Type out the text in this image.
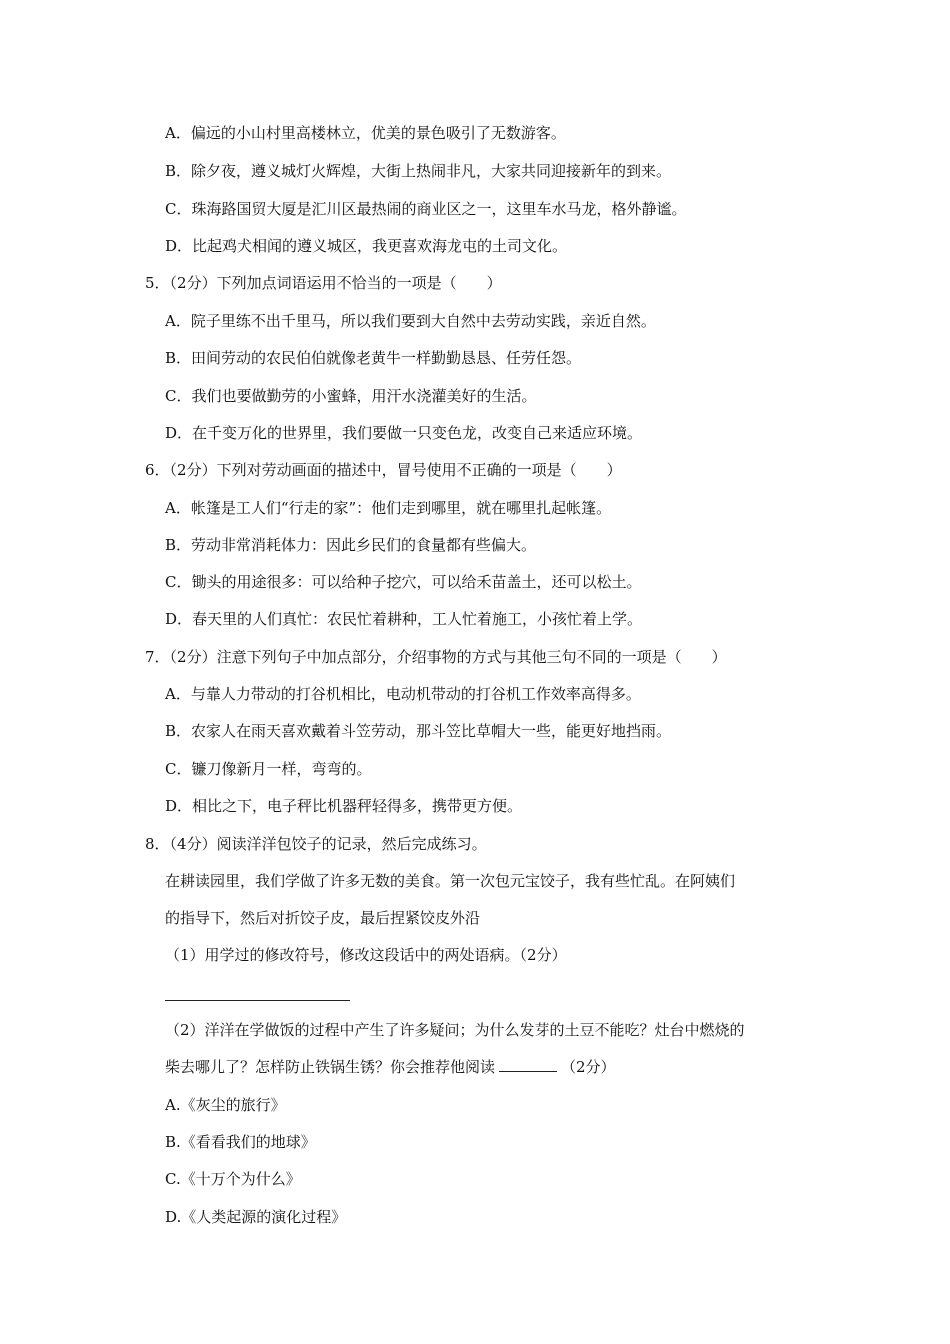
A．偏远的小山村里高楼林立，优美的景色吸引了无数游客。
B．除夕夜，遵义城灯火辉煌，大街上热闹非凡，大家共同迎接新年的到来。
C．珠海路国贸大厦是汇川区最热闹的商业区之一，这里车水马龙，格外静谧。
D．比起鸡犬相闻的遵义城区，我更喜欢海龙屯的土司文化。
5．（2分）下列加点词语运用不恰当的一项是（　　）
A．院子里练不出千里马，所以我们要到大自然中去劳动实践，亲近自然。
B．田间劳动的农民伯伯就像老黄牛一样勤勤恳恳、任劳任怨。
C．我们也要做勤劳的小蜜蜂，用汗水浇灌美好的生活。
D．在千变万化的世界里，我们要做一只变色龙，改变自己来适应环境。
6．（2分）下列对劳动画面的描述中，冒号使用不正确的一项是（　　）
A．帐篷是工人们“行走的家”：他们走到哪里，就在哪里扎起帐篷。
B．劳动非常消耗体力：因此乡民们的食量都有些偏大。
C．锄头的用途很多：可以给种子挖穴，可以给禾苗盖土，还可以松土。
D．春天里的人们真忙：农民忙着耕种，工人忙着施工，小孩忙着上学。
7．（2分）注意下列句子中加点部分，介绍事物的方式与其他三句不同的一项是（　　）
A．与靠人力带动的打谷机相比，电动机带动的打谷机工作效率高得多。
B．农家人在雨天喜欢戴着斗笠劳动，那斗笠比草帽大一些，能更好地挡雨。
C．镰刀像新月一样，弯弯的。
D．相比之下，电子秤比机器秤轻得多，携带更方便。
8．（4分）阅读洋洋包饺子的记录，然后完成练习。
在耕读园里，我们学做了许多无数的美食。第一次包元宝饺子，我有些忙乱。在阿姨们
的指导下，然后对折饺子皮，最后捏紧饺皮外沿
（1）用学过的修改符号，修改这段话中的两处语病。（2分）
（2）洋洋在学做饭的过程中产生了许多疑问；为什么发芽的土豆不能吃？灶台中燃烧的
柴去哪儿了？怎样防止铁锅生锈？你会推荐他阅读	（2分）
A.《灰尘的旅行》
B.《看看我们的地球》
C.《十万个为什么》
D.《人类起源的演化过程》
